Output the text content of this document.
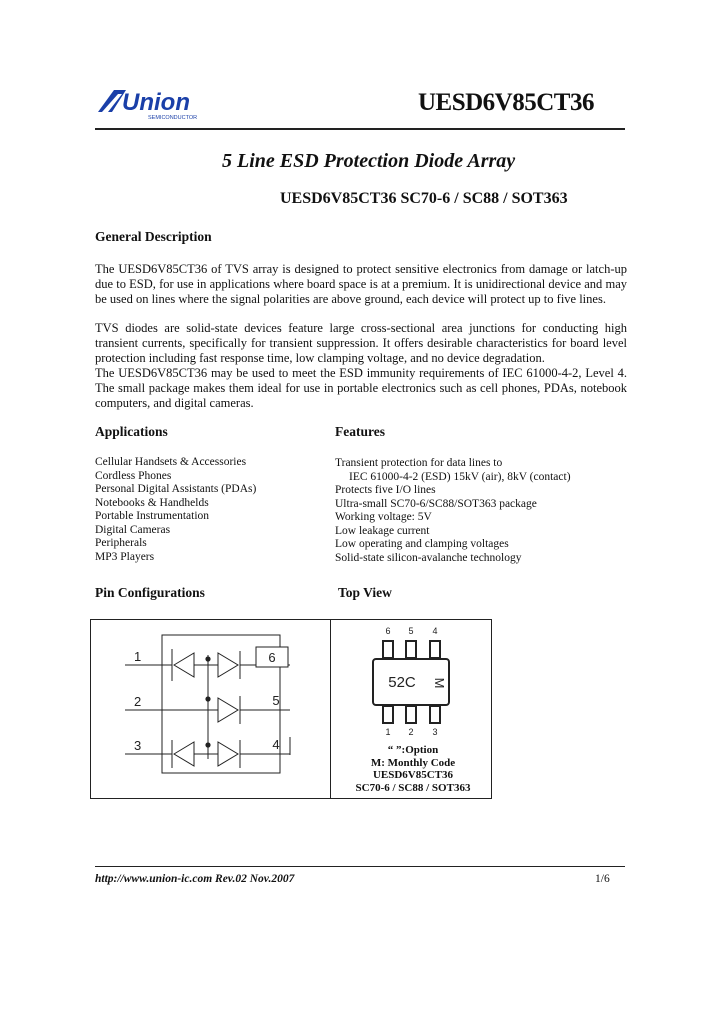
Union
SEMICONDUCTOR
UESD6V85CT36
5 Line ESD Protection Diode Array
UESD6V85CT36 SC70-6 / SC88 / SOT363
General Description
The UESD6V85CT36 of TVS array is designed to protect sensitive electronics from damage or latch-up due to ESD, for use in applications where board space is at a premium. It is unidirectional device and may be used on lines where the signal polarities are above ground, each device will protect up to five lines.
TVS diodes are solid-state devices feature large cross-sectional area junctions for conducting high transient currents, specifically for transient suppression. It offers desirable characteristics for board level protection including fast response time, low clamping voltage, and no device degradation.
The UESD6V85CT36 may be used to meet the ESD immunity requirements of IEC 61000-4-2, Level 4. The small package makes them ideal for use in portable electronics such as cell phones, PDAs, notebook computers, and digital cameras.
Applications
Cellular Handsets & Accessories
Cordless Phones
Personal Digital Assistants (PDAs)
Notebooks & Handhelds
Portable Instrumentation
Digital Cameras
Peripherals
MP3 Players
Features
Transient protection for data lines to
IEC 61000-4-2 (ESD) 15kV (air), 8kV (contact)
Protects five I/O lines
Ultra-small SC70-6/SC88/SOT363 package
Working voltage: 5V
Low leakage current
Low operating and clamping voltages
Solid-state silicon-avalanche technology
Pin Configurations	Top View
1
2
3
6
5
4
6 5 4
52C M
1 2 3
“ ”:Option
M: Monthly Code
UESD6V85CT36
SC70-6 / SC88 / SOT363
http://www.union-ic.com Rev.02 Nov.2007	1/6
